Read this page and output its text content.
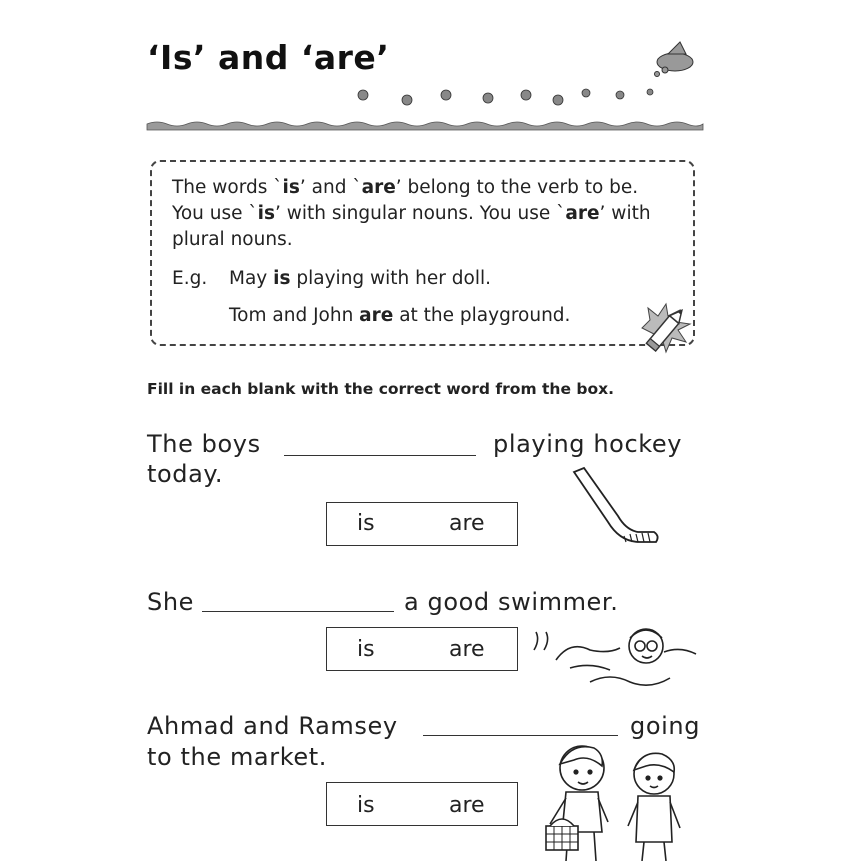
‘Is’ and ‘are’
The words `is’ and `are’ belong to the verb to be.
You use `is’ with singular nouns. You use `are’ with
plural nouns.
E.g. May is playing with her doll.
Tom and John are at the playground.
Fill in each blank with the correct word from the box.
The boys	playing hockey
today.
is	are
She	a good swimmer.
is	are
Ahmad and Ramsey	going
to the market.
is	are
